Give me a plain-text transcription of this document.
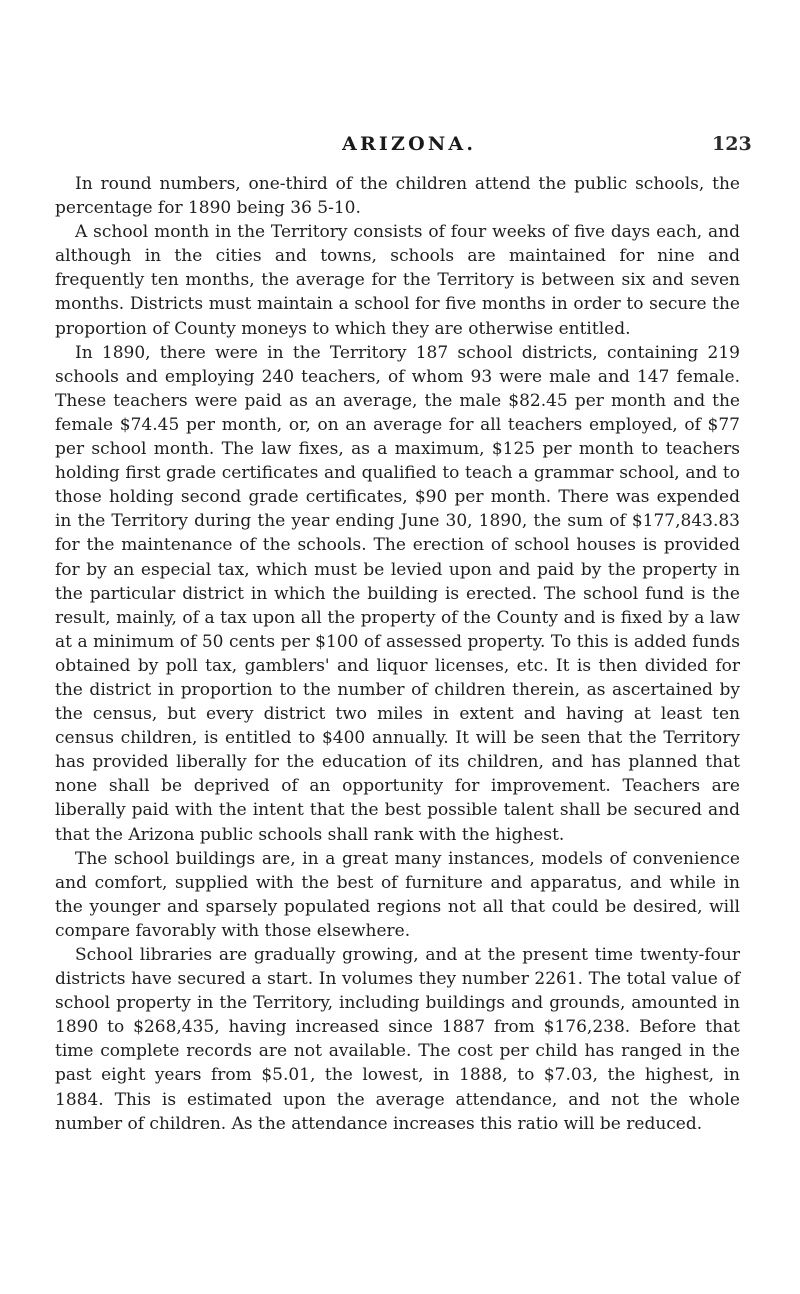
ARIZONA.	123

In round numbers, one-third of the children attend the public schools, the percentage for 1890 being 36 5-10.

A school month in the Territory consists of four weeks of five days each, and although in the cities and towns, schools are maintained for nine and frequently ten months, the average for the Territory is between six and seven months. Districts must maintain a school for five months in order to secure the proportion of County moneys to which they are otherwise entitled.

In 1890, there were in the Territory 187 school districts, containing 219 schools and employing 240 teachers, of whom 93 were male and 147 female. These teachers were paid as an average, the male $82.45 per month and the female $74.45 per month, or, on an average for all teachers employed, of $77 per school month. The law fixes, as a maximum, $125 per month to teachers holding first grade certificates and qualified to teach a grammar school, and to those holding second grade certificates, $90 per month. There was expended in the Territory during the year ending June 30, 1890, the sum of $177,843.83 for the maintenance of the schools. The erection of school houses is provided for by an especial tax, which must be levied upon and paid by the property in the particular district in which the building is erected. The school fund is the result, mainly, of a tax upon all the property of the County and is fixed by a law at a minimum of 50 cents per $100 of assessed property. To this is added funds obtained by poll tax, gamblers' and liquor licenses, etc. It is then divided for the district in proportion to the number of children therein, as ascertained by the census, but every district two miles in extent and having at least ten census children, is entitled to $400 annually. It will be seen that the Territory has provided liberally for the education of its children, and has planned that none shall be deprived of an opportunity for improvement. Teachers are liberally paid with the intent that the best possible talent shall be secured and that the Arizona public schools shall rank with the highest.

The school buildings are, in a great many instances, models of convenience and comfort, supplied with the best of furniture and apparatus, and while in the younger and sparsely populated regions not all that could be desired, will compare favorably with those elsewhere.

School libraries are gradually growing, and at the present time twenty-four districts have secured a start. In volumes they number 2261. The total value of school property in the Territory, including buildings and grounds, amounted in 1890 to $268,435, having increased since 1887 from $176,238. Before that time complete records are not available. The cost per child has ranged in the past eight years from $5.01, the lowest, in 1888, to $7.03, the highest, in 1884. This is estimated upon the average attendance, and not the whole number of children. As the attendance increases this ratio will be reduced.
